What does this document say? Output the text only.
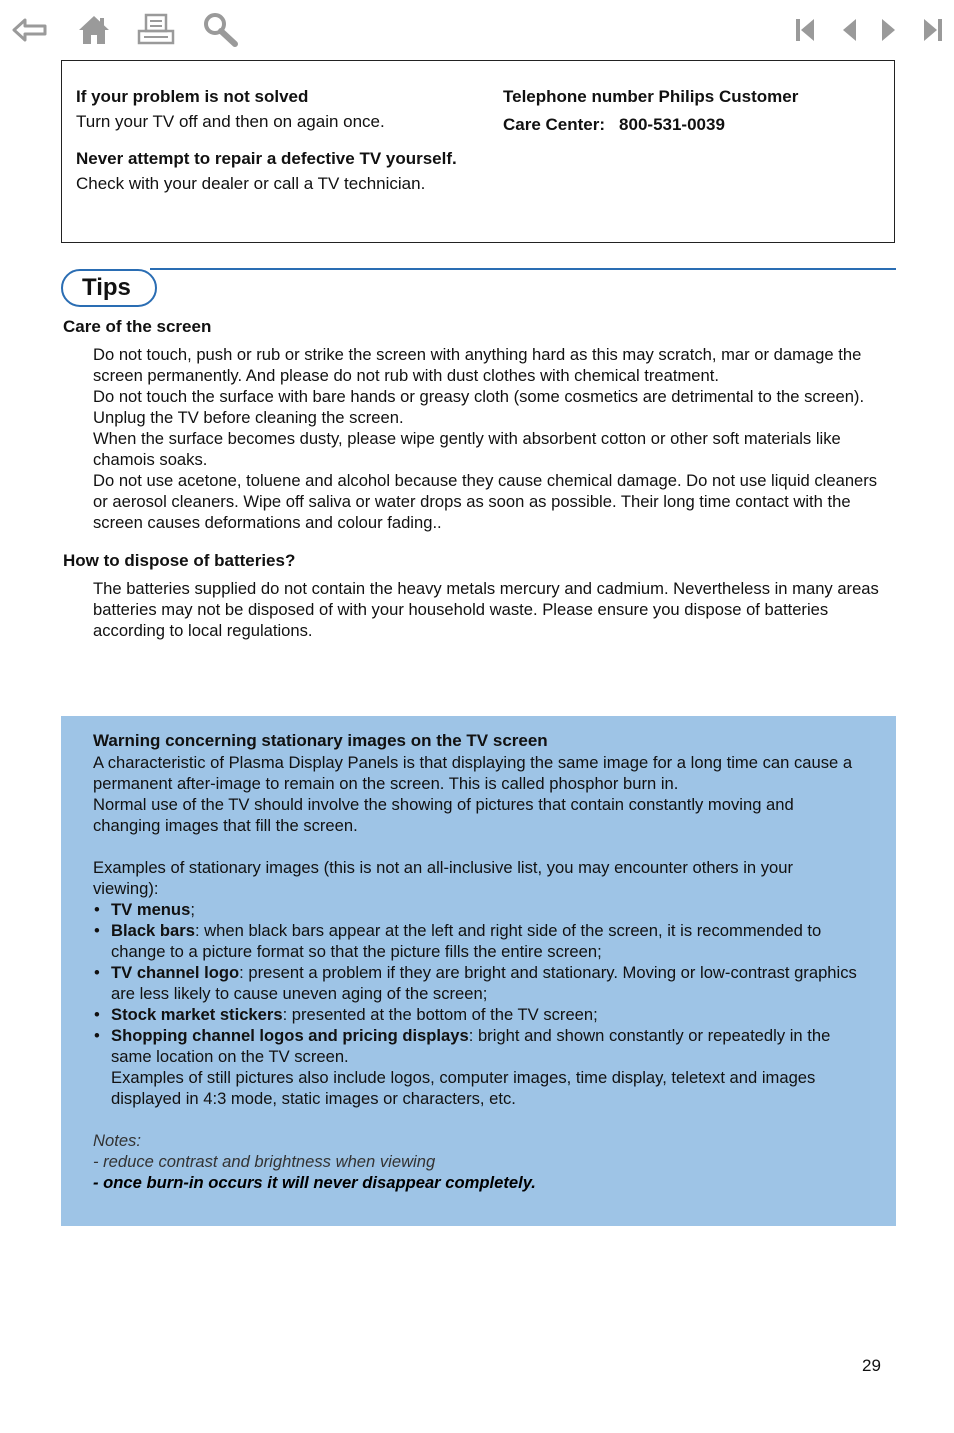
If your problem is not solved

Turn your TV off and then on again once.

Never attempt to repair a defective TV yourself.

Check with your dealer or call a TV technician.

Telephone number Philips Customer
Care Center: 800-531-0039
Tips
Care of the screen

Do not touch, push or rub or strike the screen with anything hard as this may scratch, mar or damage the screen permanently. And please do not rub with dust clothes with chemical treatment.

Do not touch the surface with bare hands or greasy cloth (some cosmetics are detrimental to the screen). Unplug the TV before cleaning the screen.

When the surface becomes dusty, please wipe gently with absorbent cotton or other soft materials like chamois soaks.

Do not use acetone, toluene and alcohol because they cause chemical damage. Do not use liquid cleaners or aerosol cleaners. Wipe off saliva or water drops as soon as possible. Their long time contact with the screen causes deformations and colour fading..

How to dispose of batteries?

The batteries supplied do not contain the heavy metals mercury and cadmium. Nevertheless in many areas batteries may not be disposed of with your household waste. Please ensure you dispose of batteries according to local regulations.

Warning concerning stationary images on the TV screen

A characteristic of Plasma Display Panels is that displaying the same image for a long time can cause a permanent after-image to remain on the screen. This is called phosphor burn in.

Normal use of the TV should involve the showing of pictures that contain constantly moving and changing images that fill the screen.

Examples of stationary images (this is not an all-inclusive list, you may encounter others in your viewing):

• TV menus;
• Black bars: when black bars appear at the left and right side of the screen, it is recommended to change to a picture format so that the picture fills the entire screen;
• TV channel logo: present a problem if they are bright and stationary. Moving or low-contrast graphics are less likely to cause uneven aging of the screen;
• Stock market stickers: presented at the bottom of the TV screen;
• Shopping channel logos and pricing displays: bright and shown constantly or repeatedly in the same location on the TV screen.
Examples of still pictures also include logos, computer images, time display, teletext and images displayed in 4:3 mode, static images or characters, etc.
Notes:
- reduce contrast and brightness when viewing
- once burn-in occurs it will never disappear completely.
29
